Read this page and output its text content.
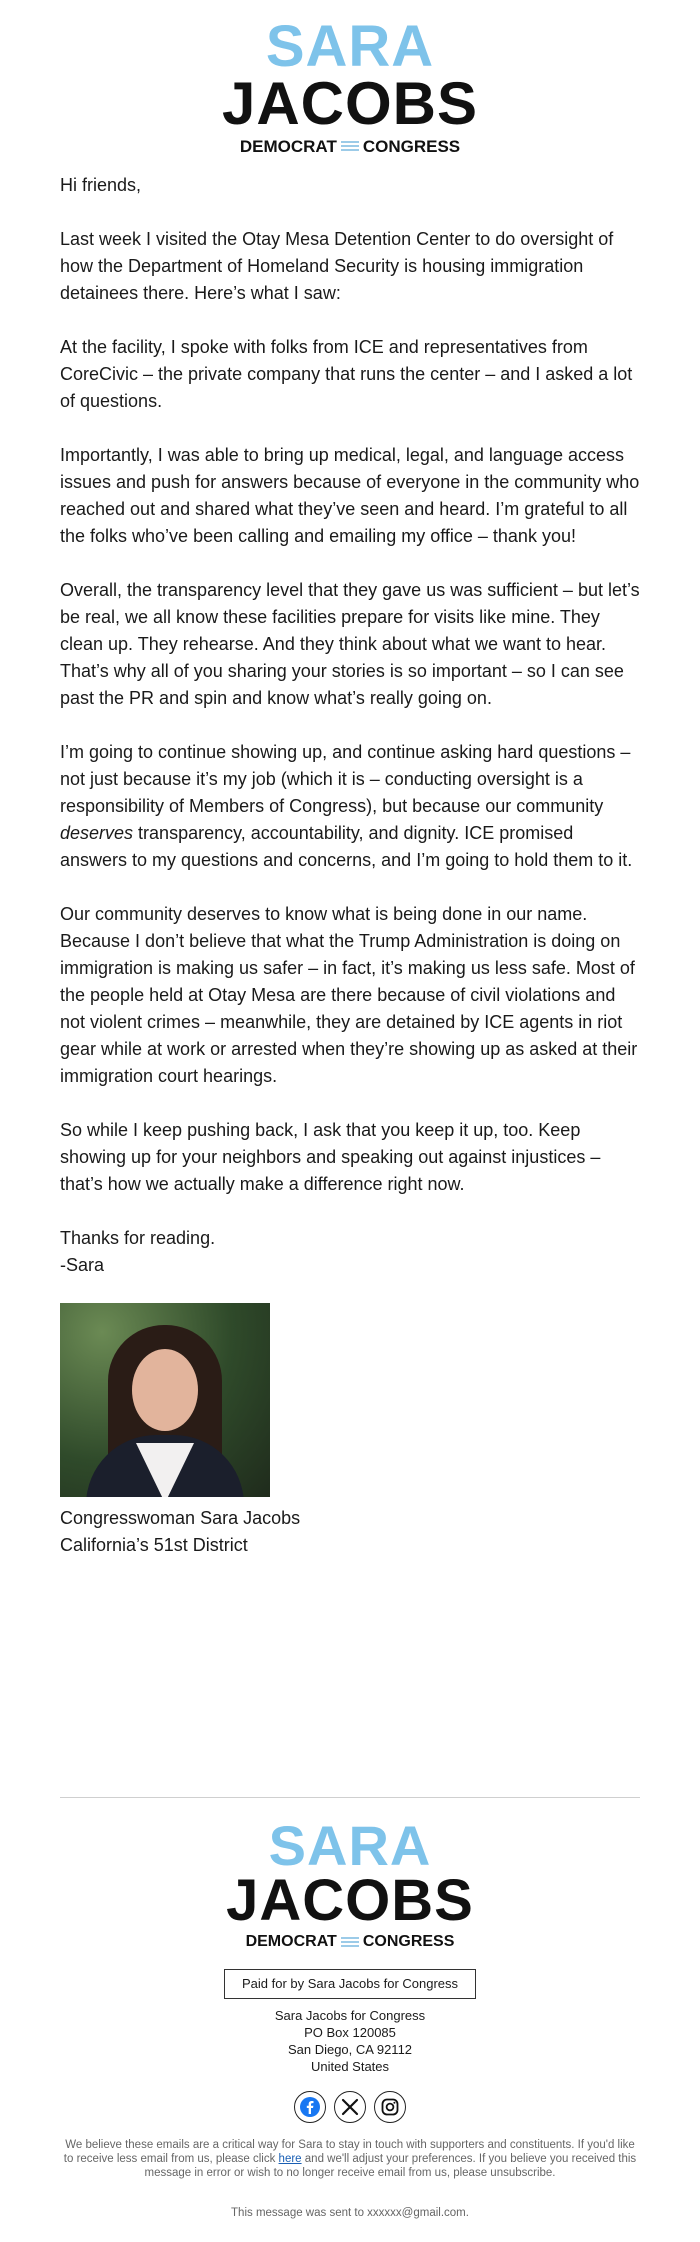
SARA
JACOBS
DEMOCRAT CONGRESS

Hi friends,

Last week I visited the Otay Mesa Detention Center to do oversight of how the Department of Homeland Security is housing immigration detainees there. Here’s what I saw:

At the facility, I spoke with folks from ICE and representatives from CoreCivic – the private company that runs the center – and I asked a lot of questions.

Importantly, I was able to bring up medical, legal, and language access issues and push for answers because of everyone in the community who reached out and shared what they’ve seen and heard. I’m grateful to all the folks who’ve been calling and emailing my office – thank you!

Overall, the transparency level that they gave us was sufficient – but let’s be real, we all know these facilities prepare for visits like mine. They clean up. They rehearse. And they think about what we want to hear. That’s why all of you sharing your stories is so important – so I can see past the PR and spin and know what’s really going on.

I’m going to continue showing up, and continue asking hard questions – not just because it’s my job (which it is – conducting oversight is a responsibility of Members of Congress), but because our community deserves transparency, accountability, and dignity. ICE promised answers to my questions and concerns, and I’m going to hold them to it.

Our community deserves to know what is being done in our name. Because I don’t believe that what the Trump Administration is doing on immigration is making us safer – in fact, it’s making us less safe. Most of the people held at Otay Mesa are there because of civil violations and not violent crimes – meanwhile, they are detained by ICE agents in riot gear while at work or arrested when they’re showing up as asked at their immigration court hearings.

So while I keep pushing back, I ask that you keep it up, too. Keep showing up for your neighbors and speaking out against injustices – that’s how we actually make a difference right now.

Thanks for reading.
-Sara
Congresswoman Sara Jacobs
California’s 51st District
SARA
JACOBS
DEMOCRAT CONGRESS
Paid for by Sara Jacobs for Congress
Sara Jacobs for Congress
PO Box 120085
San Diego, CA 92112
United States

We believe these emails are a critical way for Sara to stay in touch with supporters and constituents. If you'd like to receive less email from us, please click here and we'll adjust your preferences. If you believe you received this message in error or wish to no longer receive email from us, please unsubscribe.
This message was sent to xxxxxx@gmail.com.
